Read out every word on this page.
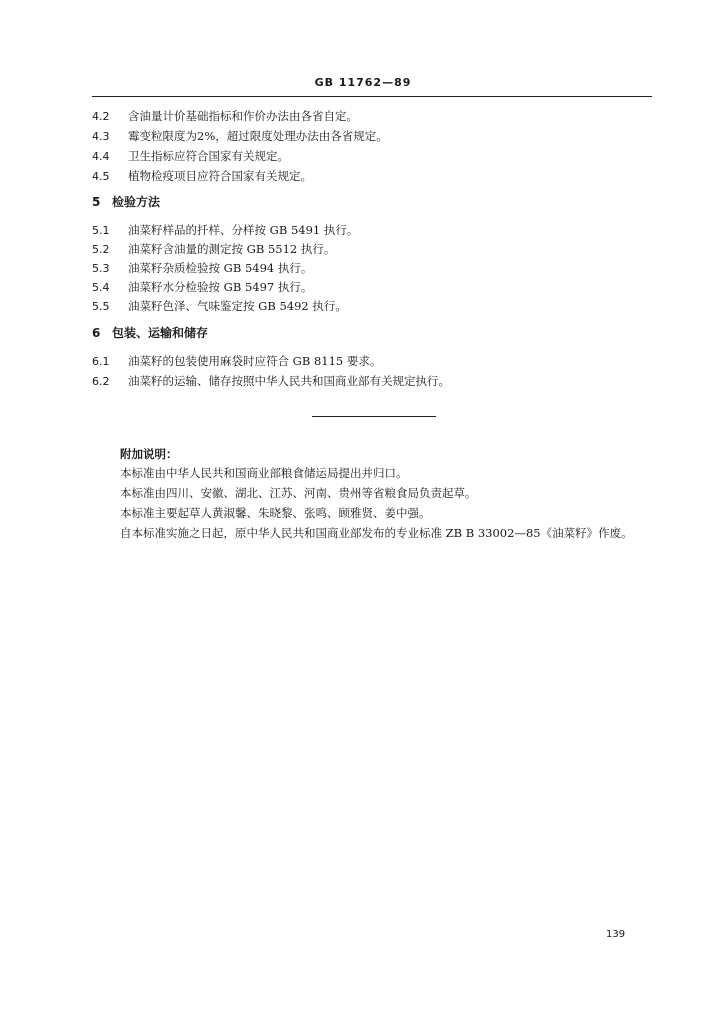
GB 11762—89
4.2 含油量计价基础指标和作价办法由各省自定。
4.3 霉变粒限度为2%，超过限度处理办法由各省规定。
4.4 卫生指标应符合国家有关规定。
4.5 植物检疫项目应符合国家有关规定。
5 检验方法
5.1 油菜籽样品的扦样、分样按 GB 5491 执行。
5.2 油菜籽含油量的测定按 GB 5512 执行。
5.3 油菜籽杂质检验按 GB 5494 执行。
5.4 油菜籽水分检验按 GB 5497 执行。
5.5 油菜籽色泽、气味鉴定按 GB 5492 执行。
6 包装、运输和储存
6.1 油菜籽的包装使用麻袋时应符合 GB 8115 要求。
6.2 油菜籽的运输、储存按照中华人民共和国商业部有关规定执行。
附加说明：
本标准由中华人民共和国商业部粮食储运局提出并归口。
本标准由四川、安徽、湖北、江苏、河南、贵州等省粮食局负责起草。
本标准主要起草人黄淑馨、朱晓黎、张鸣、顾雅贤、姜中强。
自本标准实施之日起，原中华人民共和国商业部发布的专业标准 ZB B 33002—85《油菜籽》作废。
139
